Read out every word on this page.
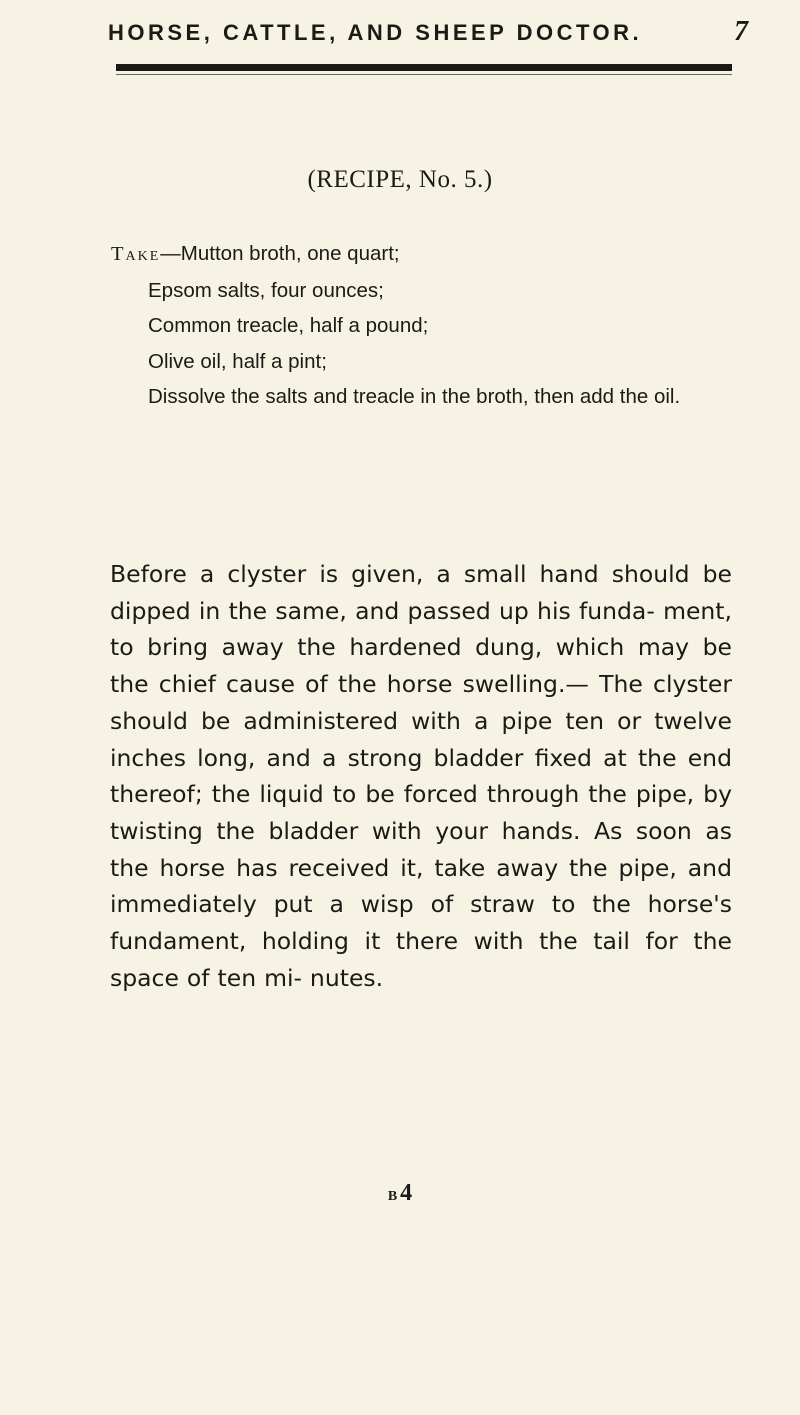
HORSE, CATTLE, AND SHEEP DOCTOR.	7
(RECIPE, No. 5.)
Take—Mutton broth, one quart;
Epsom salts, four ounces;
Common treacle, half a pound;
Olive oil, half a pint;
Dissolve the salts and treacle in the broth, then add the oil.
Before a clyster is given, a small hand should be dipped in the same, and passed up his funda- ment, to bring away the hardened dung, which may be the chief cause of the horse swelling.— The clyster should be administered with a pipe ten or twelve inches long, and a strong bladder fixed at the end thereof; the liquid to be forced through the pipe, by twisting the bladder with your hands. As soon as the horse has received it, take away the pipe, and immediately put a wisp of straw to the horse's fundament, holding it there with the tail for the space of ten mi- nutes.
B 4
